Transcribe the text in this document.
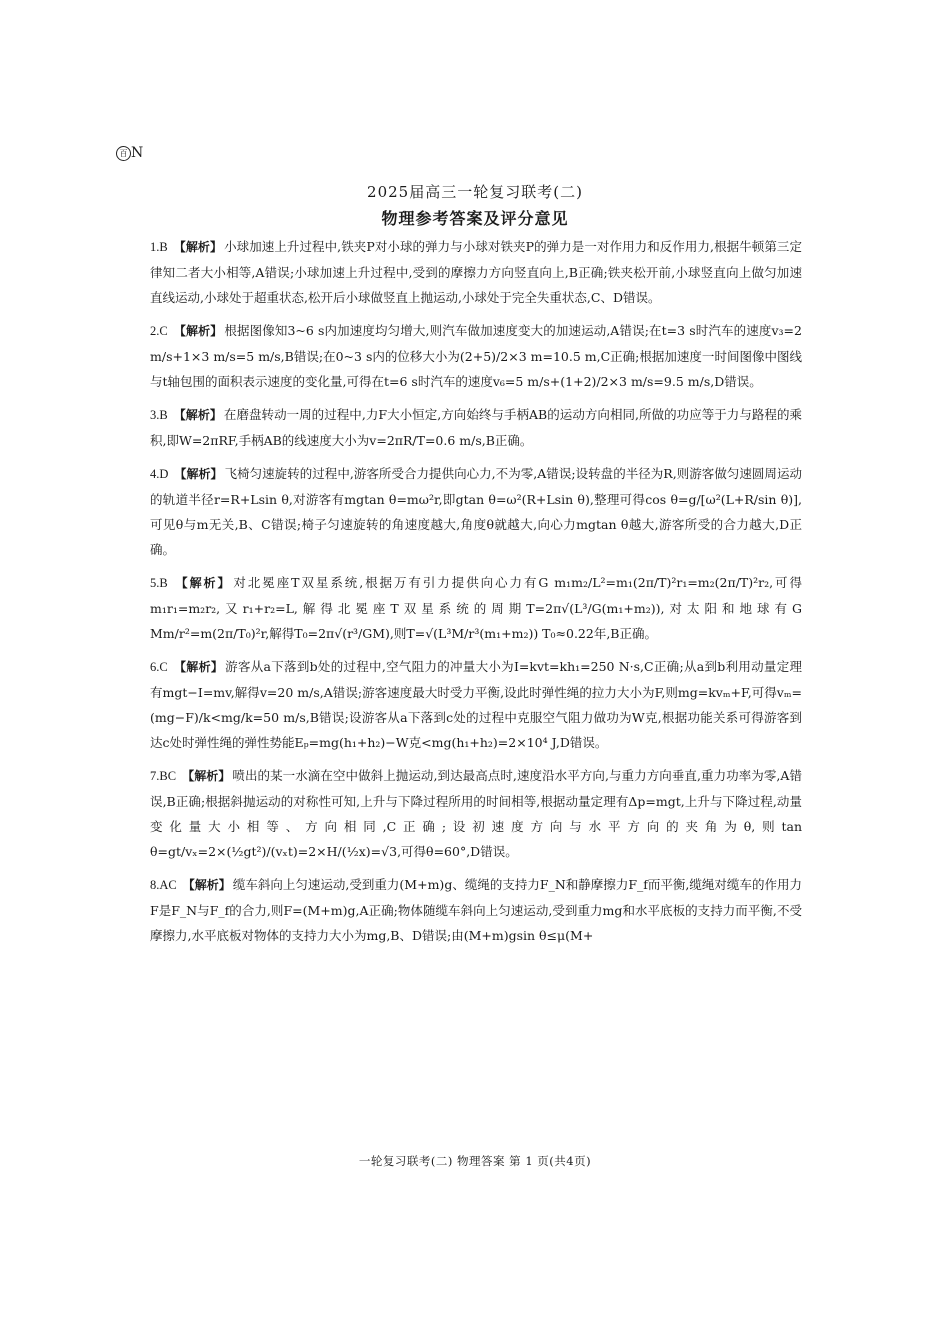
百 N
2025届高三一轮复习联考(二)
物理参考答案及评分意见

1.B 【解析】 小球加速上升过程中,铁夹P对小球的弹力与小球对铁夹P的弹力是一对作用力和反作用力,根据牛顿第三定律知二者大小相等,A错误;小球加速上升过程中,受到的摩擦力方向竖直向上,B正确;铁夹松开前,小球竖直向上做匀加速直线运动,小球处于超重状态,松开后小球做竖直上抛运动,小球处于完全失重状态,C、D错误。

2.C 【解析】 根据图像知3~6 s内加速度均匀增大,则汽车做加速度变大的加速运动,A错误;在t=3 s时汽车的速度v₃=2 m/s+1×3 m/s=5 m/s,B错误;在0~3 s内的位移大小为(2+5)/2×3 m=10.5 m,C正确;根据加速度一时间图像中图线与t轴包围的面积表示速度的变化量,可得在t=6 s时汽车的速度v₆=5 m/s+(1+2)/2×3 m/s=9.5 m/s,D错误。

3.B 【解析】 在磨盘转动一周的过程中,力F大小恒定,方向始终与手柄AB的运动方向相同,所做的功应等于力与路程的乘积,即W=2πRF,手柄AB的线速度大小为v=2πR/T=0.6 m/s,B正确。

4.D 【解析】 飞椅匀速旋转的过程中,游客所受合力提供向心力,不为零,A错误;设转盘的半径为R,则游客做匀速圆周运动的轨道半径r=R+Lsin θ,对游客有mgtan θ=mω²r,即gtan θ=ω²(R+Lsin θ),整理可得cos θ=g/[ω²(L+R/sin θ)],可见θ与m无关,B、C错误;椅子匀速旋转的角速度越大,角度θ就越大,向心力mgtan θ越大,游客所受的合力越大,D正确。

5.B 【解析】 对北冕座T双星系统,根据万有引力提供向心力有G m₁m₂/L²=m₁(2π/T)²r₁=m₂(2π/T)²r₂,可得m₁r₁=m₂r₂,又r₁+r₂=L,解得北冕座T双星系统的周期T=2π√(L³/G(m₁+m₂)),对太阳和地球有G Mm/r²=m(2π/T₀)²r,解得T₀=2π√(r³/GM),则T=√(L³M/r³(m₁+m₂)) T₀≈0.22年,B正确。

6.C 【解析】 游客从a下落到b处的过程中,空气阻力的冲量大小为I=kvt=kh₁=250 N·s,C正确;从a到b利用动量定理有mgt−I=mv,解得v=20 m/s,A错误;游客速度最大时受力平衡,设此时弹性绳的拉力大小为F,则mg=kvₘ+F,可得vₘ=(mg−F)/k<mg/k=50 m/s,B错误;设游客从a下落到c处的过程中克服空气阻力做功为W克,根据功能关系可得游客到达c处时弹性绳的弹性势能Eₚ=mg(h₁+h₂)−W克<mg(h₁+h₂)=2×10⁴ J,D错误。

7.BC 【解析】 喷出的某一水滴在空中做斜上抛运动,到达最高点时,速度沿水平方向,与重力方向垂直,重力功率为零,A错误,B正确;根据斜抛运动的对称性可知,上升与下降过程所用的时间相等,根据动量定理有Δp=mgt,上升与下降过程,动量变化量大小相等、方向相同,C正确;设初速度方向与水平方向的夹角为θ,则tan θ=gt/vₓ=2×(½gt²)/(vₓt)=2×H/(½x)=√3,可得θ=60°,D错误。

8.AC 【解析】 缆车斜向上匀速运动,受到重力(M+m)g、缆绳的支持力F_N和静摩擦力F_f而平衡,缆绳对缆车的作用力F是F_N与F_f的合力,则F=(M+m)g,A正确;物体随缆车斜向上匀速运动,受到重力mg和水平底板的支持力而平衡,不受摩擦力,水平底板对物体的支持力大小为mg,B、D错误;由(M+m)gsin θ≤μ(M+

一轮复习联考(二) 物理答案 第 1 页(共4页)
